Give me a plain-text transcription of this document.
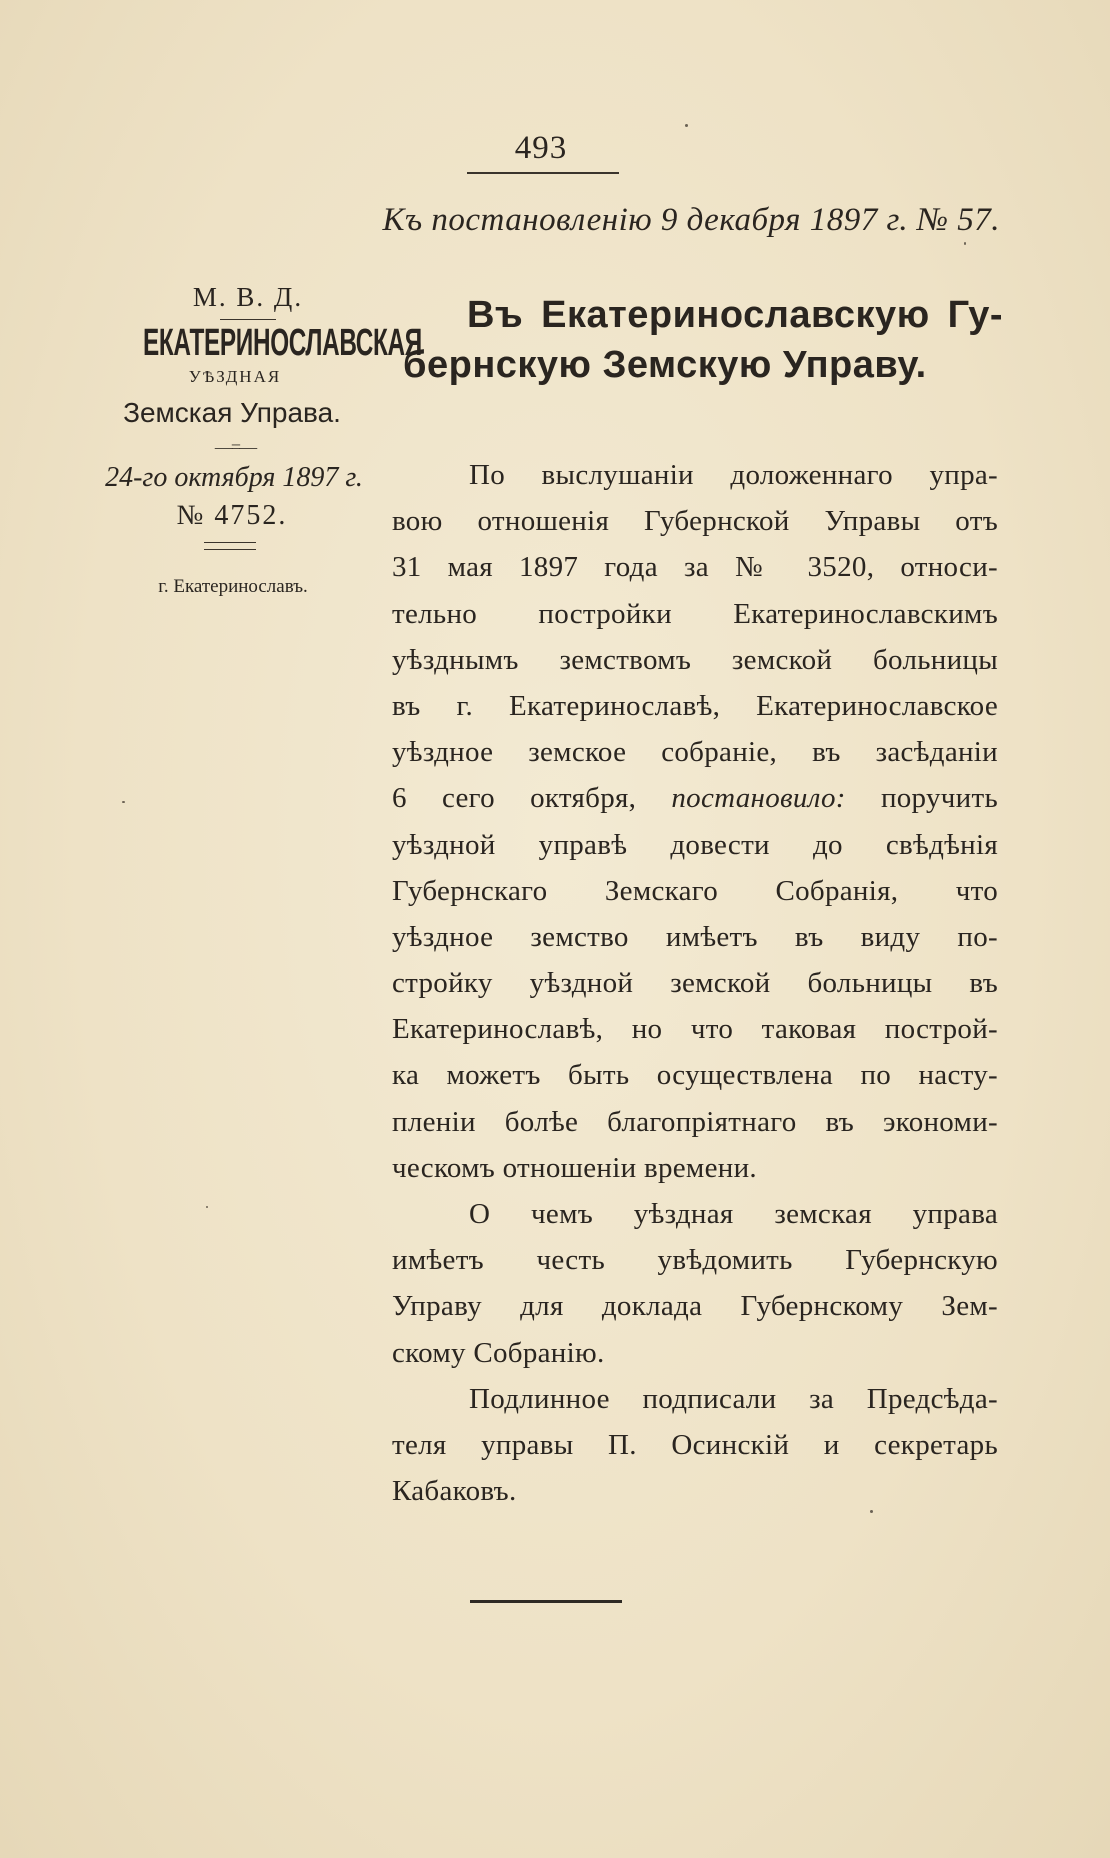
493
Къ постановленію 9 декабря 1897 г. № 57.
М. В. Д.
ЕКАТЕРИНОСЛАВСКАЯ
УѢЗДНАЯ
Земская Управа.
—=—
24-го октября 1897 г.
№ 4752.
г. Екатеринославъ.
Въ Екатеринославскую Гу-
бернскую Земскую Управу.
По выслушаніи доложеннаго упра-
вою отношенія Губернской Управы отъ
31 мая 1897 года за № 3520, относи-
тельно постройки Екатеринославскимъ
уѣзднымъ земствомъ земской больницы
въ г. Екатеринославѣ, Екатеринославское
уѣздное земское собраніе, въ засѣданіи
6 сего октября, постановило: поручить
уѣздной управѣ довести до свѣдѣнія
Губернскаго Земскаго Собранія, что
уѣздное земство имѣетъ въ виду по-
стройку уѣздной земской больницы въ
Екатеринославѣ, но что таковая построй-
ка можетъ быть осуществлена по насту-
пленіи болѣе благопріятнаго въ экономи-
ческомъ отношеніи времени.
О чемъ уѣздная земская управа
имѣетъ честь увѣдомить Губернскую
Управу для доклада Губернскому Зем-
скому Собранію.
Подлинное подписали за Предсѣда-
теля управы П. Осинскій и секретарь
Кабаковъ.
